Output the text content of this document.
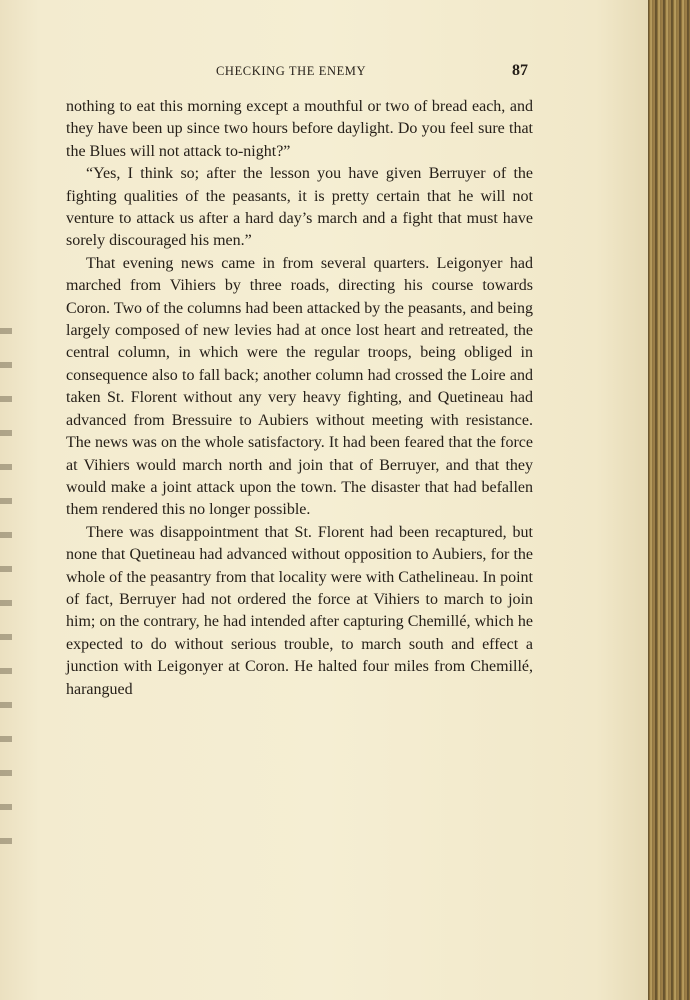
CHECKING THE ENEMY	87

nothing to eat this morning except a mouthful or two of bread each, and they have been up since two hours before daylight. Do you feel sure that the Blues will not attack to-night?”

“Yes, I think so; after the lesson you have given Berruyer of the fighting qualities of the peasants, it is pretty certain that he will not venture to attack us after a hard day’s march and a fight that must have sorely discouraged his men.”

That evening news came in from several quarters. Leigonyer had marched from Vihiers by three roads, directing his course towards Coron. Two of the columns had been attacked by the peasants, and being largely composed of new levies had at once lost heart and retreated, the central column, in which were the regular troops, being obliged in consequence also to fall back; another column had crossed the Loire and taken St. Florent without any very heavy fighting, and Quetineau had advanced from Bressuire to Aubiers without meeting with resistance. The news was on the whole satisfactory. It had been feared that the force at Vihiers would march north and join that of Berruyer, and that they would make a joint attack upon the town. The disaster that had befallen them rendered this no longer possible.

There was disappointment that St. Florent had been recaptured, but none that Quetineau had advanced without opposition to Aubiers, for the whole of the peasantry from that locality were with Cathelineau. In point of fact, Berruyer had not ordered the force at Vihiers to march to join him; on the contrary, he had intended after capturing Chemillé, which he expected to do without serious trouble, to march south and effect a junction with Leigonyer at Coron. He halted four miles from Chemillé, harangued
